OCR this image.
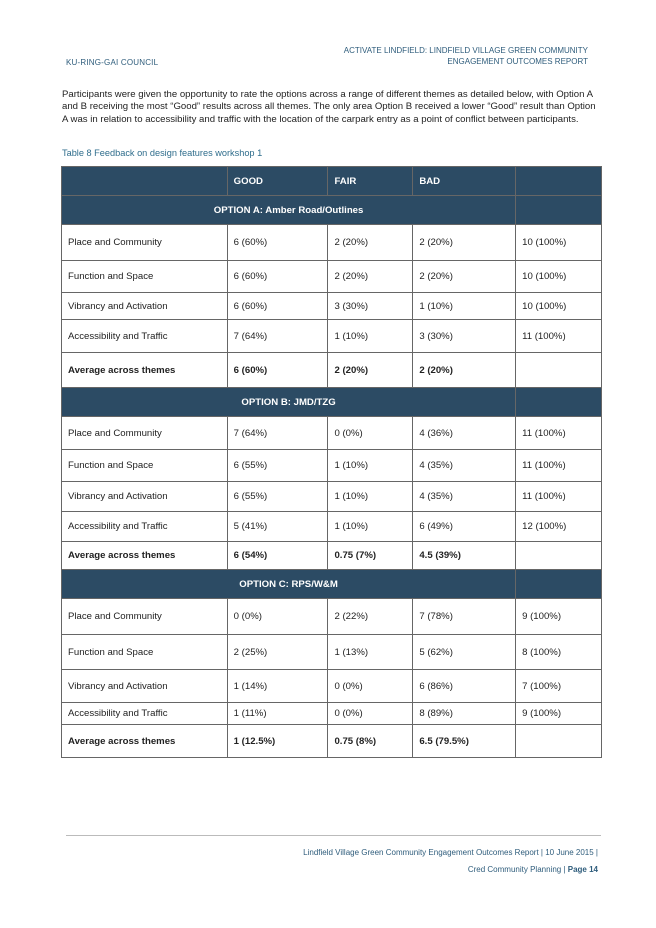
KU-RING-GAI COUNCIL
ACTIVATE LINDFIELD: LINDFIELD VILLAGE GREEN COMMUNITY
ENGAGEMENT OUTCOMES REPORT

Participants were given the opportunity to rate the options across a range of different themes as detailed below, with Option A and B receiving the most “Good” results across all themes. The only area Option B received a lower “Good” result than Option A was in relation to accessibility and traffic with the location of the carpark entry as a point of conflict between participants.

Table 8 Feedback on design features workshop 1
	GOOD	FAIR	BAD	
OPTION A: Amber Road/Outlines				
Place and Community	6 (60%)	2 (20%)	2 (20%)	10 (100%)
Function and Space	6 (60%)	2 (20%)	2 (20%)	10 (100%)
Vibrancy and Activation	6 (60%)	3 (30%)	1 (10%)	10 (100%)
Accessibility and Traffic	7 (64%)	1 (10%)	3 (30%)	11 (100%)
Average across themes	6 (60%)	2 (20%)	2 (20%)	
OPTION B: JMD/TZG				
Place and Community	7 (64%)	0 (0%)	4 (36%)	11 (100%)
Function and Space	6 (55%)	1 (10%)	4 (35%)	11 (100%)
Vibrancy and Activation	6 (55%)	1 (10%)	4 (35%)	11 (100%)
Accessibility and Traffic	5 (41%)	1 (10%)	6 (49%)	12 (100%)
Average across themes	6 (54%)	0.75 (7%)	4.5 (39%)	
OPTION C: RPS/W&M				
Place and Community	0 (0%)	2 (22%)	7 (78%)	9 (100%)
Function and Space	2 (25%)	1 (13%)	5 (62%)	8 (100%)
Vibrancy and Activation	1 (14%)	0 (0%)	6 (86%)	7 (100%)
Accessibility and Traffic	1 (11%)	0 (0%)	8 (89%)	9 (100%)
Average across themes	1 (12.5%)	0.75 (8%)	6.5 (79.5%)	
Lindfield Village Green Community Engagement Outcomes Report | 10 June 2015 |
Cred Community Planning | Page 14
